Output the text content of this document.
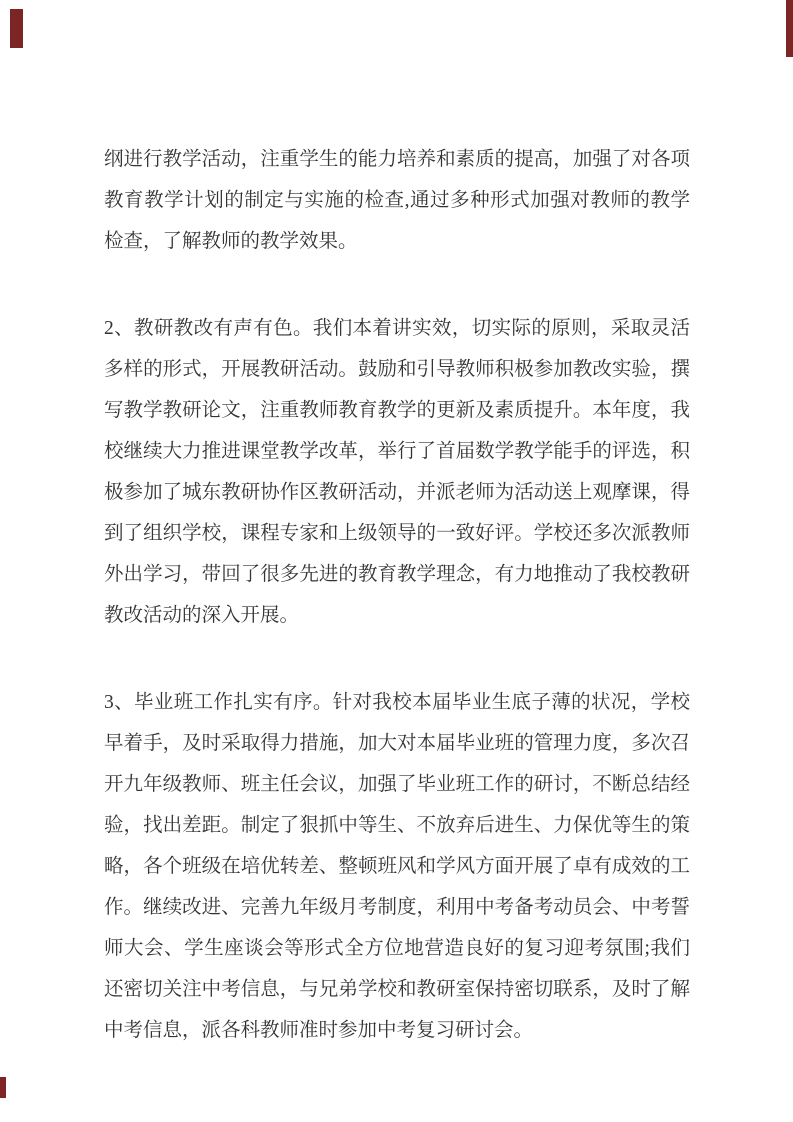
纲进行教学活动，注重学生的能力培养和素质的提高，加强了对各项
教育教学计划的制定与实施的检查,通过多种形式加强对教师的教学
检查，了解教师的教学效果。

2、教研教改有声有色。我们本着讲实效，切实际的原则，采取灵活
多样的形式，开展教研活动。鼓励和引导教师积极参加教改实验，撰
写教学教研论文，注重教师教育教学的更新及素质提升。本年度，我
校继续大力推进课堂教学改革，举行了首届数学教学能手的评选，积
极参加了城东教研协作区教研活动，并派老师为活动送上观摩课，得
到了组织学校，课程专家和上级领导的一致好评。学校还多次派教师
外出学习，带回了很多先进的教育教学理念，有力地推动了我校教研
教改活动的深入开展。

3、毕业班工作扎实有序。针对我校本届毕业生底子薄的状况，学校
早着手，及时采取得力措施，加大对本届毕业班的管理力度，多次召
开九年级教师、班主任会议，加强了毕业班工作的研讨，不断总结经
验，找出差距。制定了狠抓中等生、不放弃后进生、力保优等生的策
略，各个班级在培优转差、整顿班风和学风方面开展了卓有成效的工
作。继续改进、完善九年级月考制度，利用中考备考动员会、中考誓
师大会、学生座谈会等形式全方位地营造良好的复习迎考氛围;我们
还密切关注中考信息，与兄弟学校和教研室保持密切联系，及时了解
中考信息，派各科教师准时参加中考复习研讨会。
